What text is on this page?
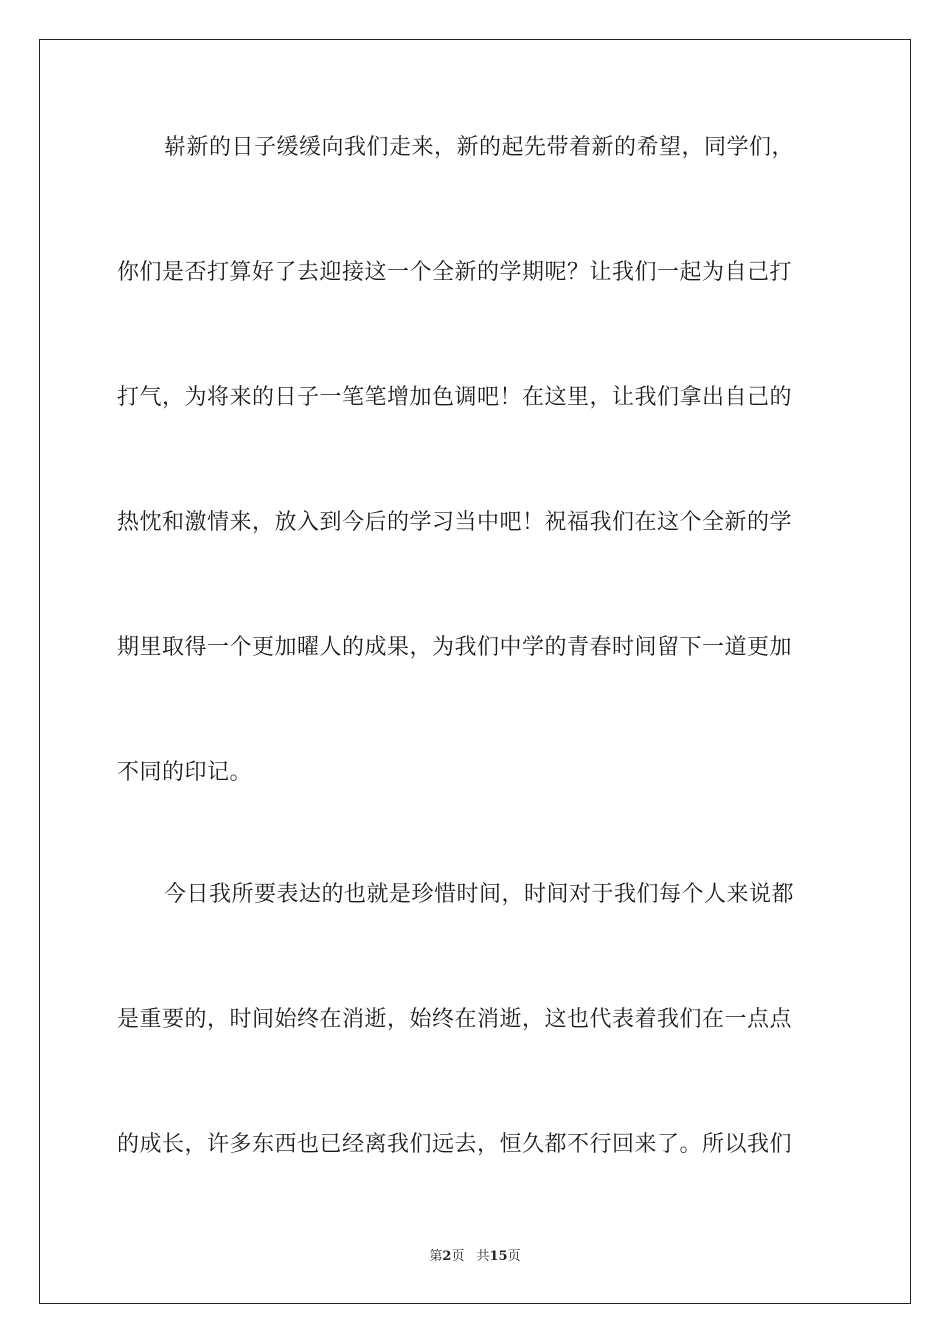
崭新的日子缓缓向我们走来，新的起先带着新的希望，同学们，
你们是否打算好了去迎接这一个全新的学期呢？让我们一起为自己打
打气，为将来的日子一笔笔增加色调吧！在这里，让我们拿出自己的
热忱和激情来，放入到今后的学习当中吧！祝福我们在这个全新的学
期里取得一个更加曜人的成果，为我们中学的青春时间留下一道更加
不同的印记。
今日我所要表达的也就是珍惜时间，时间对于我们每个人来说都
是重要的，时间始终在消逝，始终在消逝，这也代表着我们在一点点
的成长，许多东西也已经离我们远去，恒久都不行回来了。所以我们
第2页 共15页
